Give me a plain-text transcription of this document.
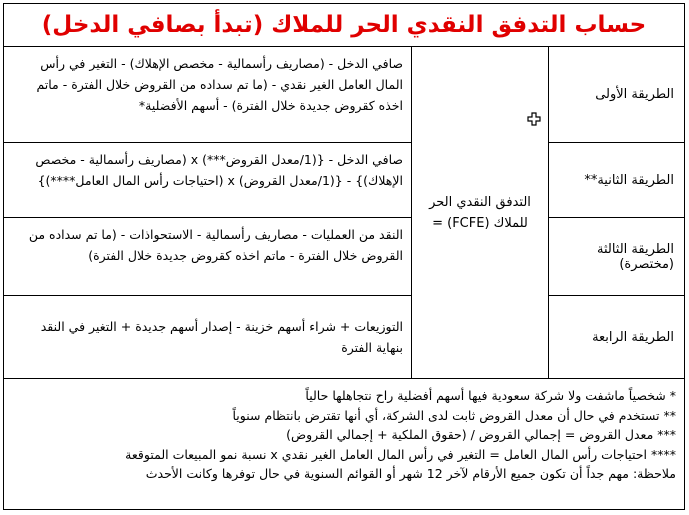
حساب التدفق النقدي الحر للملاك (تبدأ بصافي الدخل)
الطريقة الأولى
الطريقة الثانية**
الطريقة الثالثة (مختصرة)
الطريقة الرابعة
التدفق النقدي الحر للملاك (FCFE) =
صافي الدخل - (مصاريف رأسمالية - مخصص الإهلاك) - التغير في رأس المال العامل الغير نقدي - (ما تم سداده من القروض خلال الفترة - ماتم اخذه كقروض جديدة خلال الفترة) - أسهم الأفضلية*
صافي الدخل - {(1/معدل القروض***) x (مصاريف رأسمالية - مخصص الإهلاك)} - {(1/معدل القروض) x (احتياجات رأس المال العامل****)}
النقد من العمليات - مصاريف رأسمالية - الاستحواذات - (ما تم سداده من القروض خلال الفترة - ماتم اخذه كقروض جديدة خلال الفترة)
التوزيعات + شراء أسهم خزينة - إصدار أسهم جديدة + التغير في النقد بنهاية الفترة
* شخصياً ماشفت ولا شركة سعودية فيها أسهم أفضلية راح نتجاهلها حالياً
** تستخدم في حال أن معدل القروض ثابت لدى الشركة، أي أنها تقترض بانتظام سنوياً
*** معدل القروض = إجمالي القروض / (حقوق الملكية + إجمالي القروض)
**** احتياجات رأس المال العامل = التغير في رأس المال العامل الغير نقدي x نسبة نمو المبيعات المتوقعة
ملاحظة: مهم جداً أن تكون جميع الأرقام لآخر 12 شهر أو القوائم السنوية في حال توفرها وكانت الأحدث
